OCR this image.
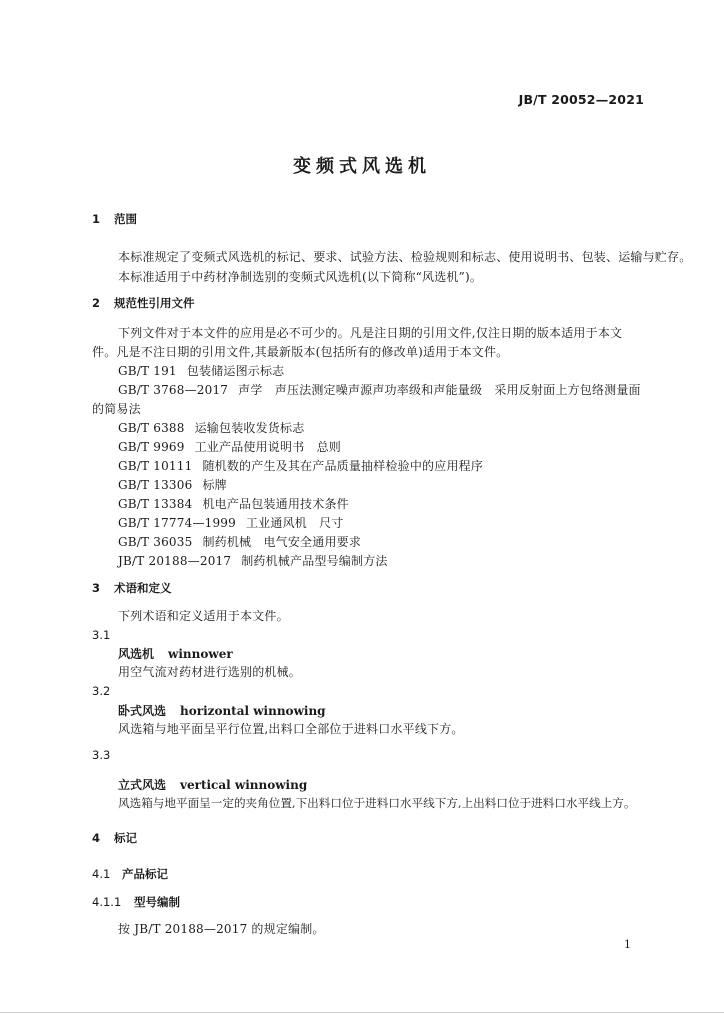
JB/T 20052—2021
变频式风选机
1 范围
本标准规定了变频式风选机的标记、要求、试验方法、检验规则和标志、使用说明书、包装、运输与贮存。
本标准适用于中药材净制选别的变频式风选机(以下简称“风选机”)。
2 规范性引用文件
下列文件对于本文件的应用是必不可少的。凡是注日期的引用文件,仅注日期的版本适用于本文
件。凡是不注日期的引用文件,其最新版本(包括所有的修改单)适用于本文件。
GB/T 191 包装储运图示标志
GB/T 3768—2017 声学　声压法测定噪声源声功率级和声能量级　采用反射面上方包络测量面
的简易法
GB/T 6388 运输包装收发货标志
GB/T 9969 工业产品使用说明书　总则
GB/T 10111 随机数的产生及其在产品质量抽样检验中的应用程序
GB/T 13306 标牌
GB/T 13384 机电产品包装通用技术条件
GB/T 17774—1999 工业通风机　尺寸
GB/T 36035 制药机械　电气安全通用要求
JB/T 20188—2017 制药机械产品型号编制方法
3 术语和定义
下列术语和定义适用于本文件。
3.1
风选机 winnower
用空气流对药材进行选别的机械。
3.2
卧式风选 horizontal winnowing
风选箱与地平面呈平行位置,出料口全部位于进料口水平线下方。
3.3
立式风选 vertical winnowing
风选箱与地平面呈一定的夹角位置,下出料口位于进料口水平线下方,上出料口位于进料口水平线上方。
4 标记
4.1 产品标记
4.1.1 型号编制
按 JB/T 20188—2017 的规定编制。
1
